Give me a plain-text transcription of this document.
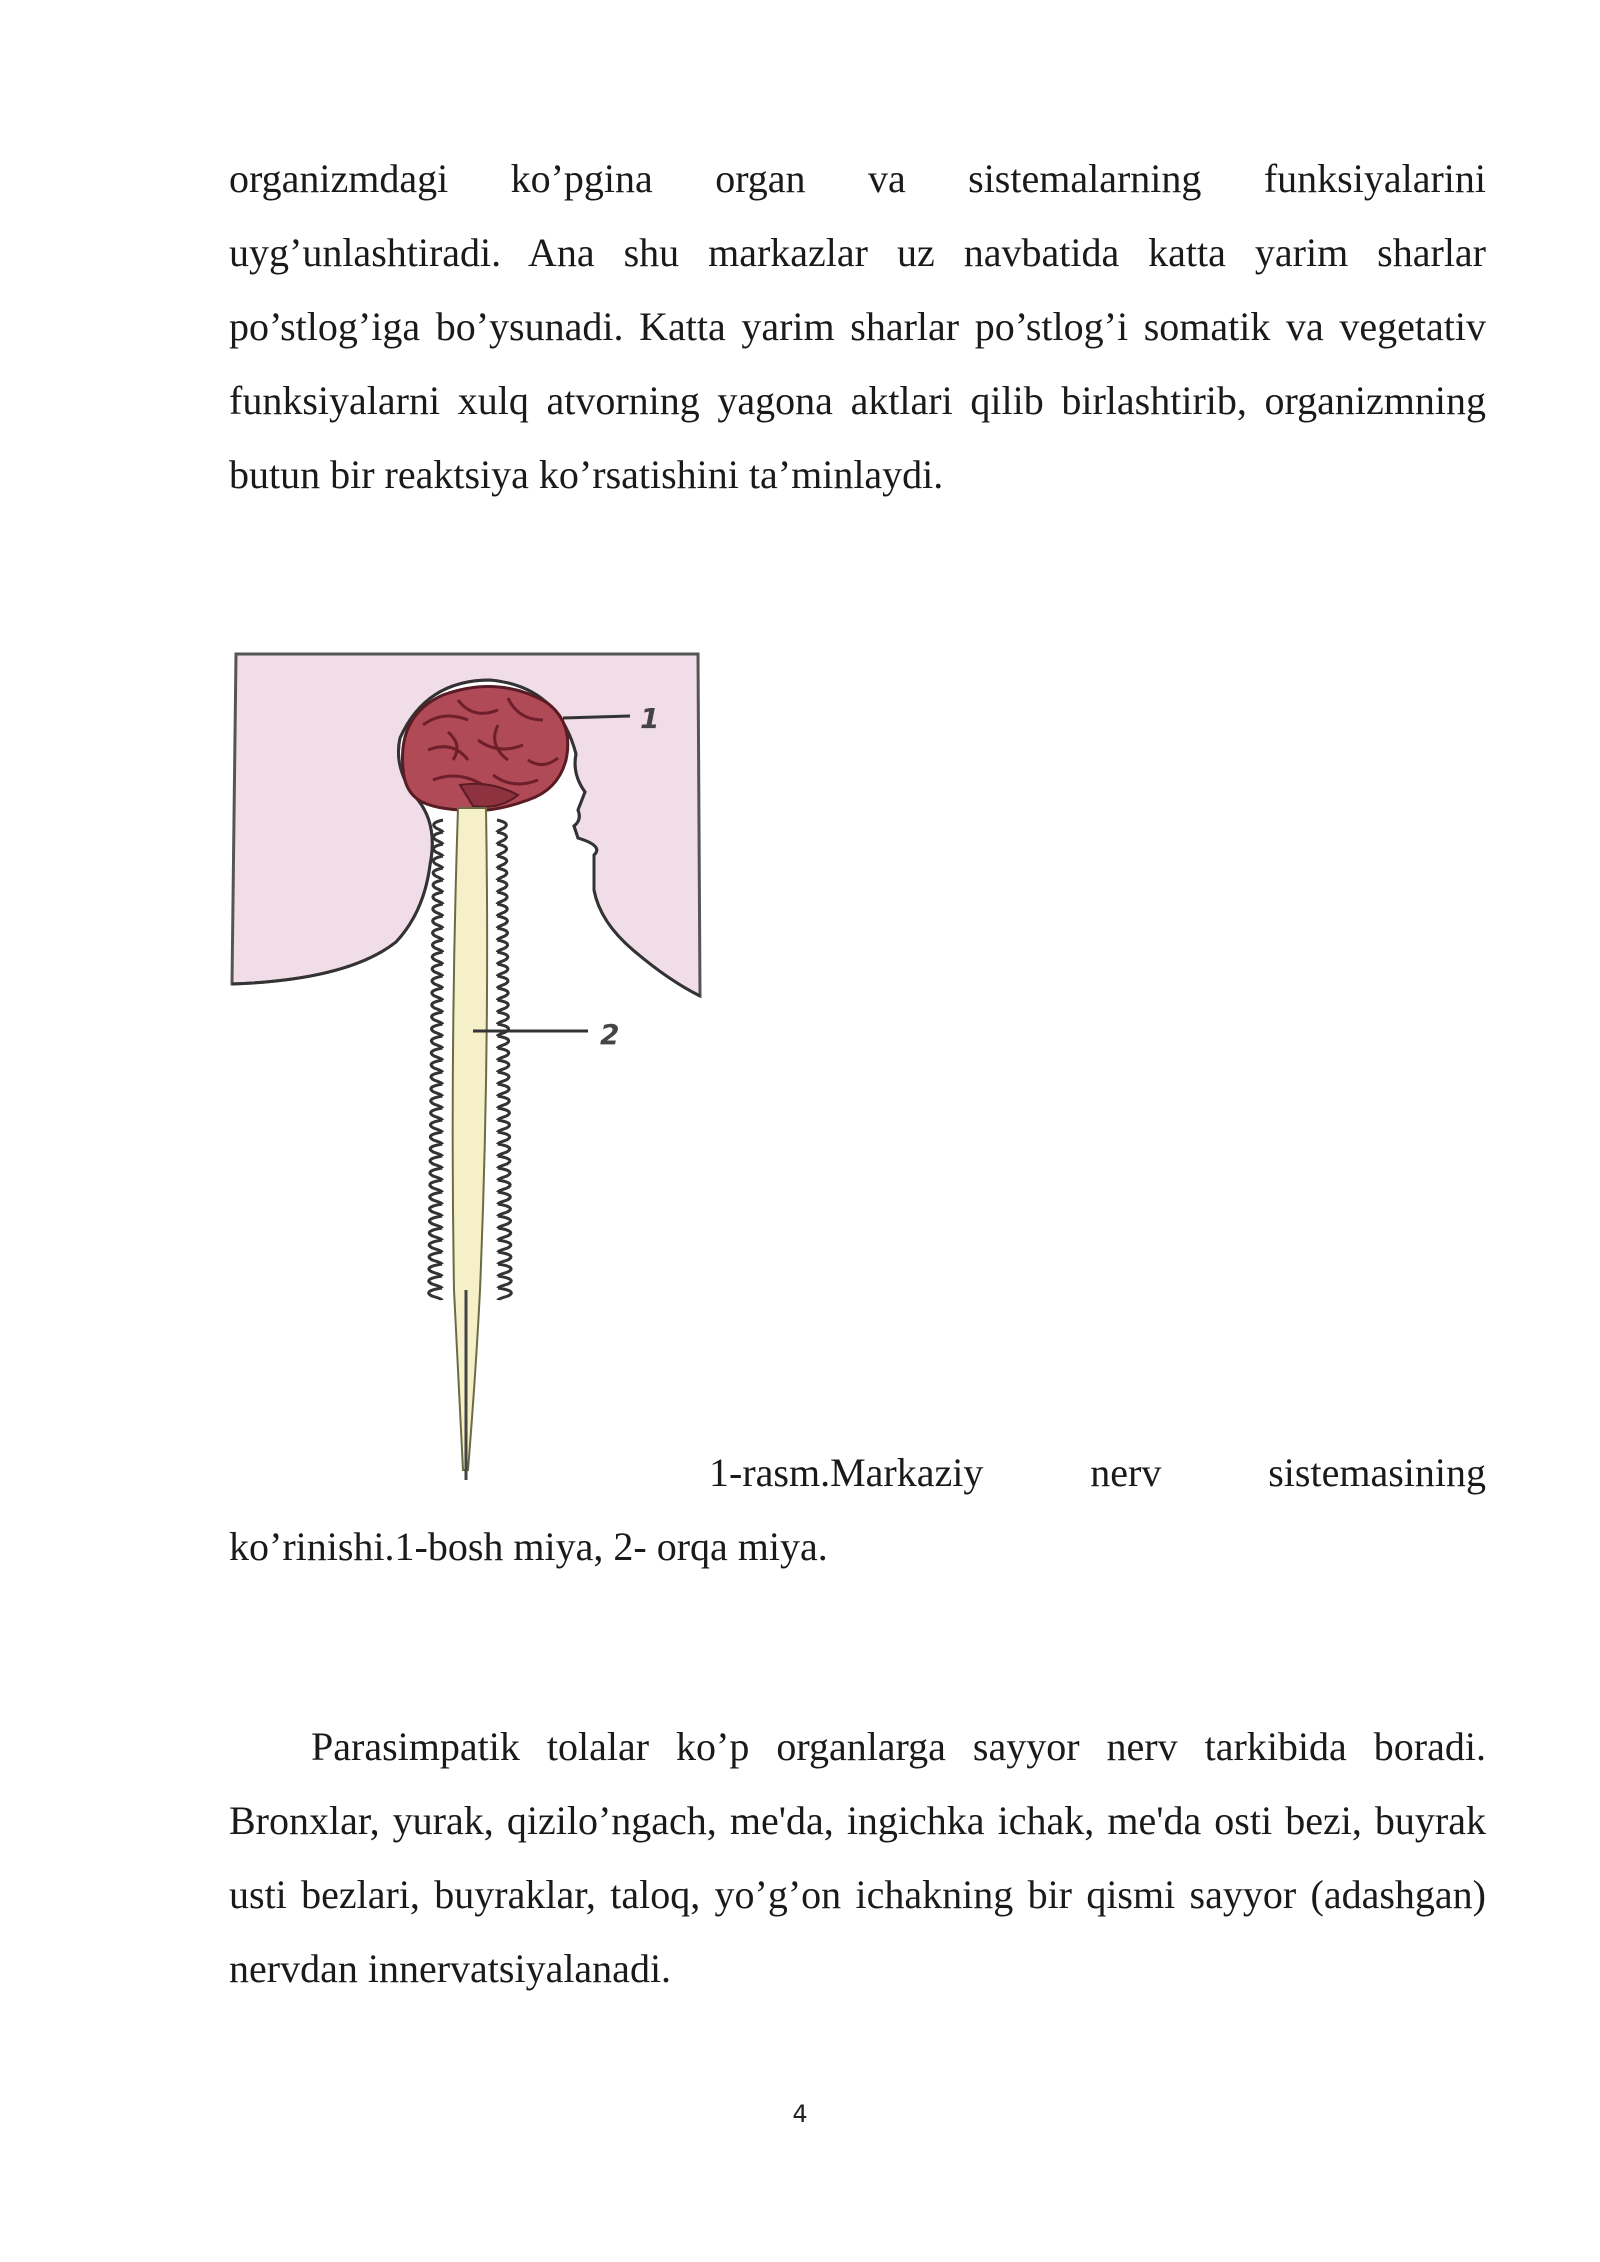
organizmdagi ko’pgina organ va sistemalarning funksiyalarini uyg’unlashtiradi. Ana shu markazlar uz navbatida katta yarim sharlar po’stlog’iga bo’ysunadi. Katta yarim sharlar po’stlog’i somatik va vegetativ funksiyalarni xulq atvorning yagona aktlari qilib birlashtirib, organizmning butun bir reaktsiya ko’rsatishini ta’minlaydi.

1
2
1-rasm.Markaziy nerv sistemasining
ko’rinishi.1-bosh miya, 2- orqa miya.

Parasimpatik tolalar ko’p organlarga sayyor nerv tarkibida boradi. Bronxlar, yurak, qizilo’ngach, me'da, ingichka ichak, me'da osti bezi, buyrak usti bezlari, buyraklar, taloq, yo’g’on ichakning bir qismi sayyor (adashgan) nervdan innervatsiyalanadi.

4
